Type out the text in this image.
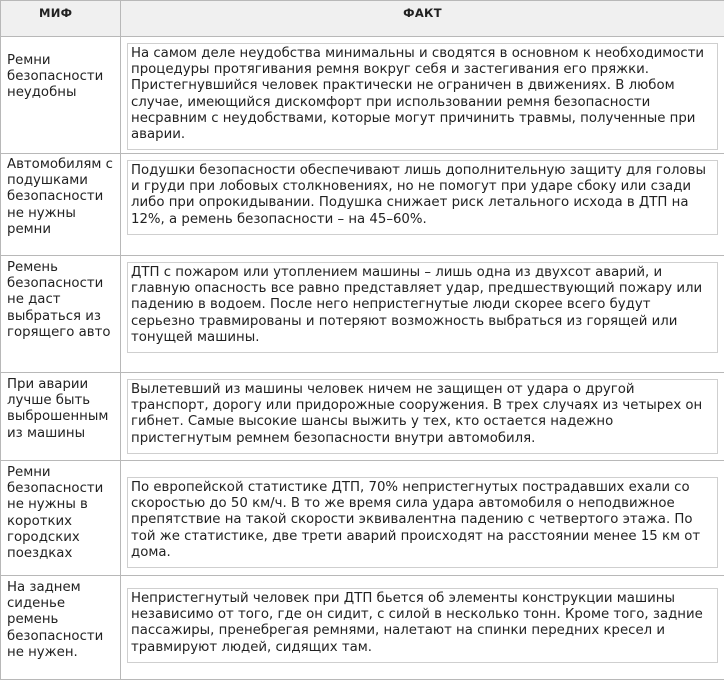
МИФ	ФАКТ
Ремни безопасности неудобны	На самом деле неудобства минимальны и сводятся в основном к необходимости процедуры протягивания ремня вокруг себя и застегивания его пряжки. Пристегнувшийся человек практически не ограничен в движениях. В любом случае, имеющийся дискомфорт при использовании ремня безопасности несравним с неудобствами, которые могут причинить травмы, полученные при аварии.

Автомобилям с подушками безопасности не нужны ремни	Подушки безопасности обеспечивают лишь дополнительную защиту для головы и груди при лобовых столкновениях, но не помогут при ударе сбоку или сзади либо при опрокидывании. Подушка снижает риск летального исхода в ДТП на 12%, а ремень безопасности – на 45–60%.

Ремень безопасности не даст выбраться из горящего авто	ДТП с пожаром или утоплением машины – лишь одна из двухсот аварий, и главную опасность все равно представляет удар, предшествующий пожару или падению в водоем. После него непристегнутые люди скорее всего будут серьезно травмированы и потеряют возможность выбраться из горящей или тонущей машины.

При аварии лучше быть выброшенным из машины	Вылетевший из машины человек ничем не защищен от удара о другой транспорт, дорогу или придорожные сооружения. В трех случаях из четырех он гибнет. Самые высокие шансы выжить у тех, кто остается надежно пристегнутым ремнем безопасности внутри автомобиля.

Ремни безопасности не нужны в коротких городских поездках	По европейской статистике ДТП, 70% непристегнутых пострадавших ехали со скоростью до 50 км/ч. В то же время сила удара автомобиля о неподвижное препятствие на такой скорости эквивалентна падению с четвертого этажа. По той же статистике, две трети аварий происходят на расстоянии менее 15 км от дома.

На заднем сиденье ремень безопасности не нужен.	Непристегнутый человек при ДТП бьется об элементы конструкции машины независимо от того, где он сидит, с силой в несколько тонн. Кроме того, задние пассажиры, пренебрегая ремнями, налетают на спинки передних кресел и травмируют людей, сидящих там.
